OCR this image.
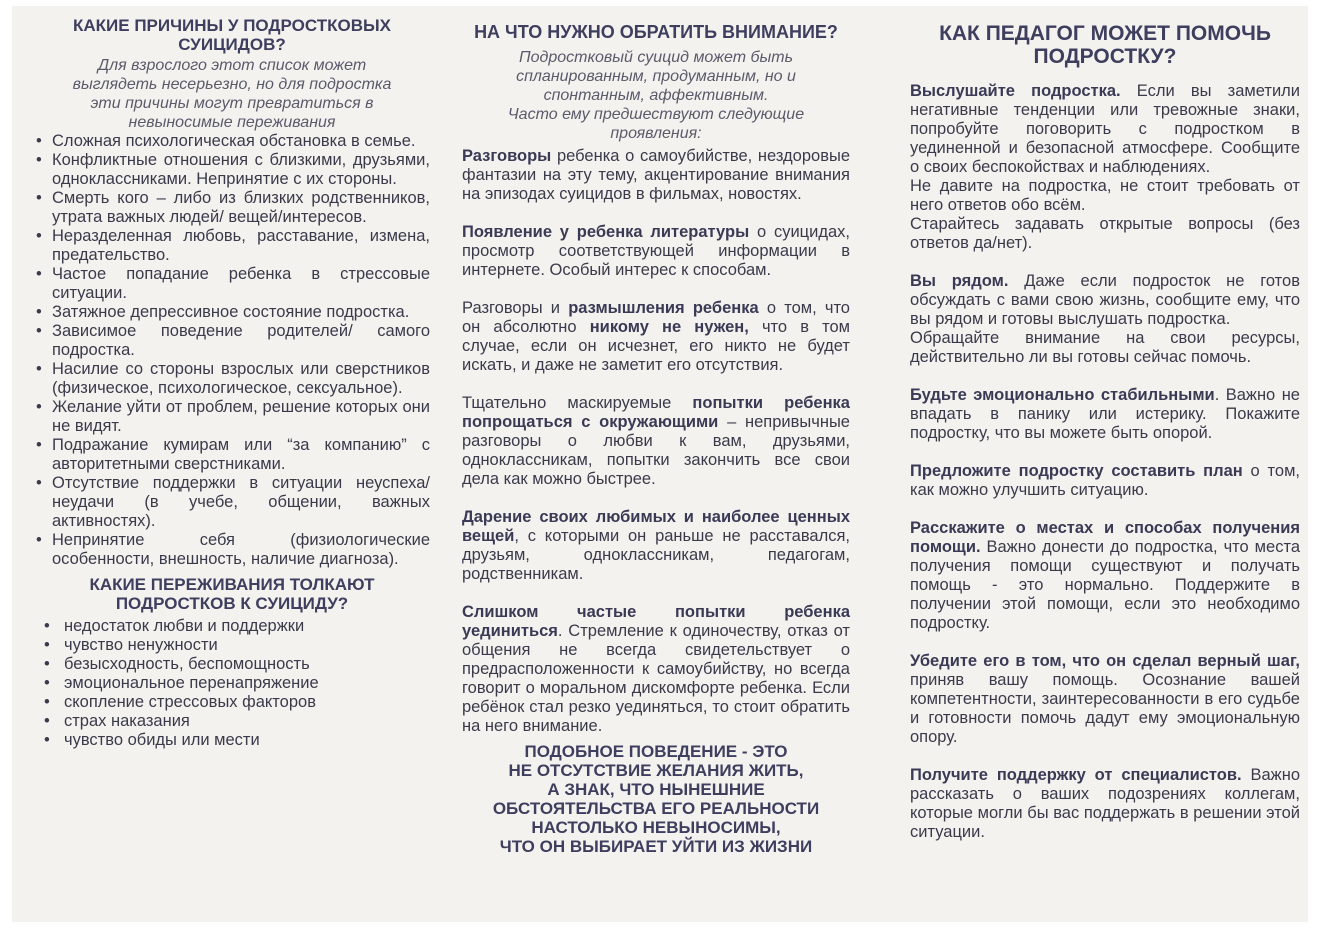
КАКИЕ ПРИЧИНЫ У ПОДРОСТКОВЫХ СУИЦИДОВ?

Для взрослого этот список может выглядеть несерьезно, но для подростка эти причины могут превратиться в невыносимые переживания

• Сложная психологическая обстановка в семье.
• Конфликтные отношения с близкими, друзьями, одноклассниками. Непринятие с их стороны.
• Смерть кого – либо из близких родственников, утрата важных людей/ вещей/интересов.
• Неразделенная любовь, расставание, измена, предательство.
• Частое попадание ребенка в стрессовые ситуации.
• Затяжное депрессивное состояние подростка.
• Зависимое поведение родителей/ самого подростка.
• Насилие со стороны взрослых или сверстников (физическое, психологическое, сексуальное).
• Желание уйти от проблем, решение которых они не видят.
• Подражание кумирам или “за компанию” с авторитетными сверстниками.
• Отсутствие поддержки в ситуации неуспеха/неудачи (в учебе, общении, важных активностях).
• Непринятие себя (физиологические особенности, внешность, наличие диагноза).
КАКИЕ ПЕРЕЖИВАНИЯ ТОЛКАЮТ ПОДРОСТКОВ К СУИЦИДУ?
• недостаток любви и поддержки
• чувство ненужности
• безысходность, беспомощность
• эмоциональное перенапряжение
• скопление стрессовых факторов
• страх наказания
• чувство обиды или мести
НА ЧТО НУЖНО ОБРАТИТЬ ВНИМАНИЕ?

Подростковый суицид может быть спланированным, продуманным, но и спонтанным, аффективным.
Часто ему предшествуют следующие проявления:

Разговоры ребенка о самоубийстве, нездоровые фантазии на эту тему, акцентирование внимания на эпизодах суицидов в фильмах, новостях.

Появление у ребенка литературы о суицидах, просмотр соответствующей информации в интернете. Особый интерес к способам.

Разговоры и размышления ребенка о том, что он абсолютно никому не нужен, что в том случае, если он исчезнет, его никто не будет искать, и даже не заметит его отсутствия.

Тщательно маскируемые попытки ребенка попрощаться с окружающими – непривычные разговоры о любви к вам, друзьями, одноклассникам, попытки закончить все свои дела как можно быстрее.

Дарение своих любимых и наиболее ценных вещей, с которыми он раньше не расставался, друзьям, одноклассникам, педагогам, родственникам.

Слишком частые попытки ребенка уединиться. Стремление к одиночеству, отказ от общения не всегда свидетельствует о предрасположенности к самоубийству, но всегда говорит о моральном дискомфорте ребенка. Если ребёнок стал резко уединяться, то стоит обратить на него внимание.

ПОДОБНОЕ ПОВЕДЕНИЕ - ЭТО
НЕ ОТСУТСТВИЕ ЖЕЛАНИЯ ЖИТЬ,
А ЗНАК, ЧТО НЫНЕШНИЕ
ОБСТОЯТЕЛЬСТВА ЕГО РЕАЛЬНОСТИ
НАСТОЛЬКО НЕВЫНОСИМЫ,
ЧТО ОН ВЫБИРАЕТ УЙТИ ИЗ ЖИЗНИ

КАК ПЕДАГОГ МОЖЕТ ПОМОЧЬ ПОДРОСТКУ?

Выслушайте подростка. Если вы заметили негативные тенденции или тревожные знаки, попробуйте поговорить с подростком в уединенной и безопасной атмосфере. Сообщите о своих беспокойствах и наблюдениях.
Не давите на подростка, не стоит требовать от него ответов обо всём.
Старайтесь задавать открытые вопросы (без ответов да/нет).

Вы рядом. Даже если подросток не готов обсуждать с вами свою жизнь, сообщите ему, что вы рядом и готовы выслушать подростка.
Обращайте внимание на свои ресурсы, действительно ли вы готовы сейчас помочь.

Будьте эмоционально стабильными. Важно не впадать в панику или истерику. Покажите подростку, что вы можете быть опорой.

Предложите подростку составить план о том, как можно улучшить ситуацию.

Расскажите о местах и способах получения помощи. Важно донести до подростка, что места получения помощи существуют и получать помощь - это нормально. Поддержите в получении этой помощи, если это необходимо подростку.

Убедите его в том, что он сделал верный шаг, приняв вашу помощь. Осознание вашей компетентности, заинтересованности в его судьбе и готовности помочь дадут ему эмоциональную опору.

Получите поддержку от специалистов. Важно рассказать о ваших подозрениях коллегам, которые могли бы вас поддержать в решении этой ситуации.
